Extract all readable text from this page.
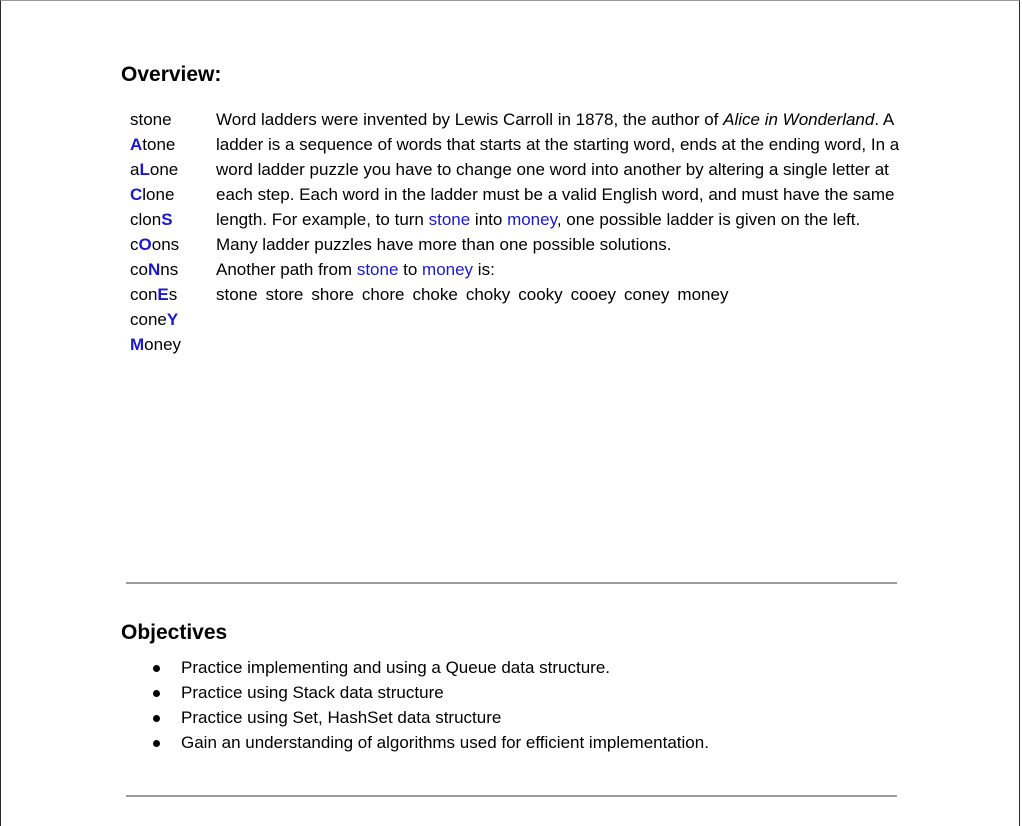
Overview:
stone
Atone
aLone
Clone
clonS
cOons
coNns
conEs
coneY
Money

Word ladders were invented by Lewis Carroll in 1878, the author of Alice in Wonderland. A ladder is a sequence of words that starts at the starting word, ends at the ending word, In a word ladder puzzle you have to change one word into another by altering a single letter at each step. Each word in the ladder must be a valid English word, and must have the same length. For example, to turn stone into money, one possible ladder is given on the left.

Many ladder puzzles have more than one possible solutions.

Another path from stone to money is:

stone store shore chore choke choky cooky cooey coney money

Objectives
Practice implementing and using a Queue data structure.
Practice using Stack data structure
Practice using Set, HashSet data structure
Gain an understanding of algorithms used for efficient implementation.
